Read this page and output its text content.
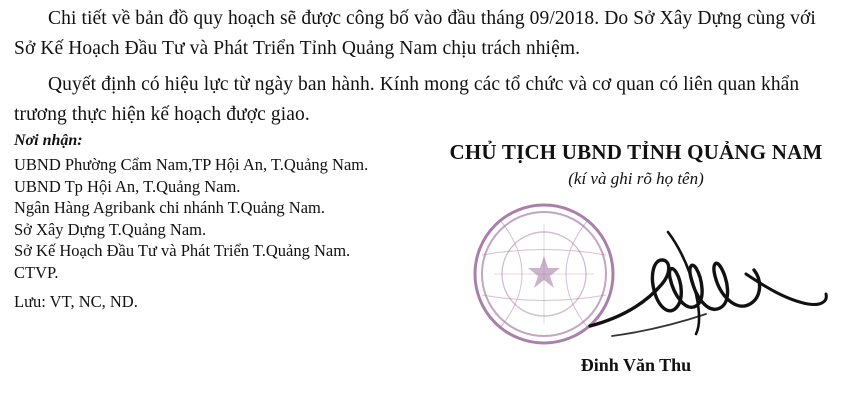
Chi tiết về bản đồ quy hoạch sẽ được công bố vào đầu tháng 09/2018. Do Sở Xây Dựng cùng với
Sở Kế Hoạch Đầu Tư và Phát Triển Tỉnh Quảng Nam chịu trách nhiệm.

Quyết định có hiệu lực từ ngày ban hành. Kính mong các tổ chức và cơ quan có liên quan khẩn
trương thực hiện kế hoạch được giao.

Nơi nhận:
UBND Phường Cẩm Nam,TP Hội An, T.Quảng Nam.
UBND Tp Hội An, T.Quảng Nam.
Ngân Hàng Agribank chi nhánh T.Quảng Nam.
Sở Xây Dựng T.Quảng Nam.
Sở Kế Hoạch Đầu Tư và Phát Triển T.Quảng Nam.
CTVP.
Lưu: VT, NC, ND.
CHỦ TỊCH UBND TỈNH QUẢNG NAM
(kí và ghi rõ họ tên)
Đinh Văn Thu
